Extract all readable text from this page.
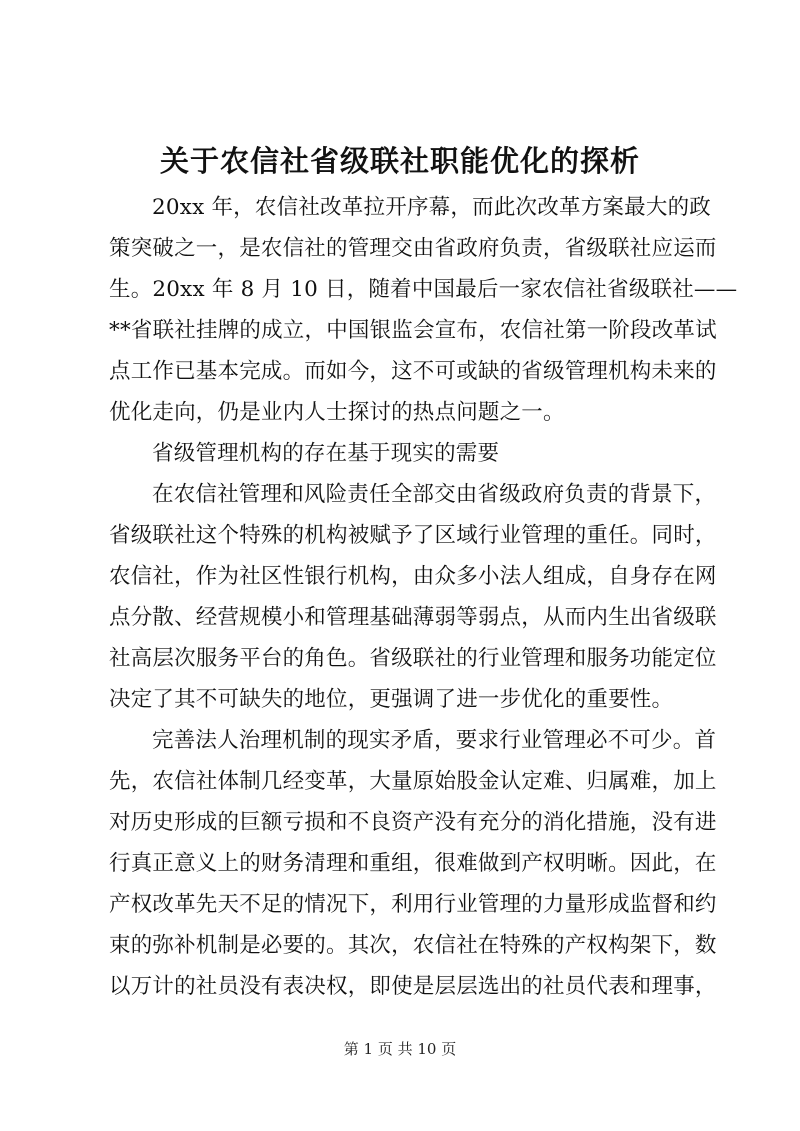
关于农信社省级联社职能优化的探析
20xx 年，农信社改革拉开序幕，而此次改革方案最大的政
策突破之一，是农信社的管理交由省政府负责，省级联社应运而
生。20xx 年 8 月 10 日，随着中国最后一家农信社省级联社——
**省联社挂牌的成立，中国银监会宣布，农信社第一阶段改革试
点工作已基本完成。而如今，这不可或缺的省级管理机构未来的
优化走向，仍是业内人士探讨的热点问题之一。
省级管理机构的存在基于现实的需要
在农信社管理和风险责任全部交由省级政府负责的背景下，
省级联社这个特殊的机构被赋予了区域行业管理的重任。同时，
农信社，作为社区性银行机构，由众多小法人组成，自身存在网
点分散、经营规模小和管理基础薄弱等弱点，从而内生出省级联
社高层次服务平台的角色。省级联社的行业管理和服务功能定位
决定了其不可缺失的地位，更强调了进一步优化的重要性。
完善法人治理机制的现实矛盾，要求行业管理必不可少。首
先，农信社体制几经变革，大量原始股金认定难、归属难，加上
对历史形成的巨额亏损和不良资产没有充分的消化措施，没有进
行真正意义上的财务清理和重组，很难做到产权明晰。因此，在
产权改革先天不足的情况下，利用行业管理的力量形成监督和约
束的弥补机制是必要的。其次，农信社在特殊的产权构架下，数
以万计的社员没有表决权，即使是层层选出的社员代表和理事，
第 1 页 共 10 页
